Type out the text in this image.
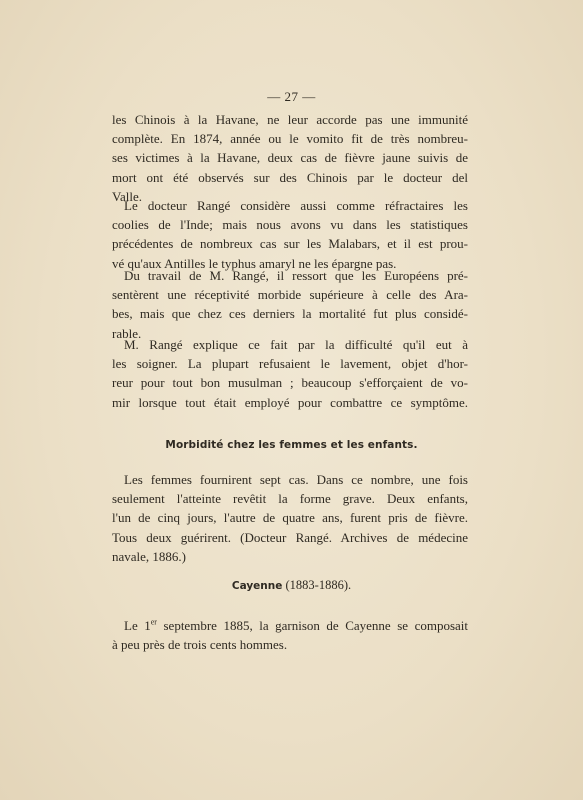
— 27 —
les Chinois à la Havane, ne leur accorde pas une immunité
complète. En 1874, année ou le vomito fit de très nombreu-
ses victimes à la Havane, deux cas de fièvre jaune suivis de
mort ont été observés sur des Chinois par le docteur del
Valle.
Le docteur Rangé considère aussi comme réfractaires les
coolies de l'Inde; mais nous avons vu dans les statistiques
précédentes de nombreux cas sur les Malabars, et il est prou-
vé qu'aux Antilles le typhus amaryl ne les épargne pas.
Du travail de M. Rangé, il ressort que les Européens pré-
sentèrent une réceptivité morbide supérieure à celle des Ara-
bes, mais que chez ces derniers la mortalité fut plus considé-
rable.
M. Rangé explique ce fait par la difficulté qu'il eut à
les soigner. La plupart refusaient le lavement, objet d'hor-
reur pour tout bon musulman ; beaucoup s'efforçaient de vo-
mir lorsque tout était employé pour combattre ce symptôme.
Morbidité chez les femmes et les enfants.
Les femmes fournirent sept cas. Dans ce nombre, une fois
seulement l'atteinte revêtit la forme grave. Deux enfants,
l'un de cinq jours, l'autre de quatre ans, furent pris de fièvre.
Tous deux guérirent. (Docteur Rangé. Archives de médecine
navale, 1886.)
Cayenne (1883-1886).
Le 1er septembre 1885, la garnison de Cayenne se composait
à peu près de trois cents hommes.
